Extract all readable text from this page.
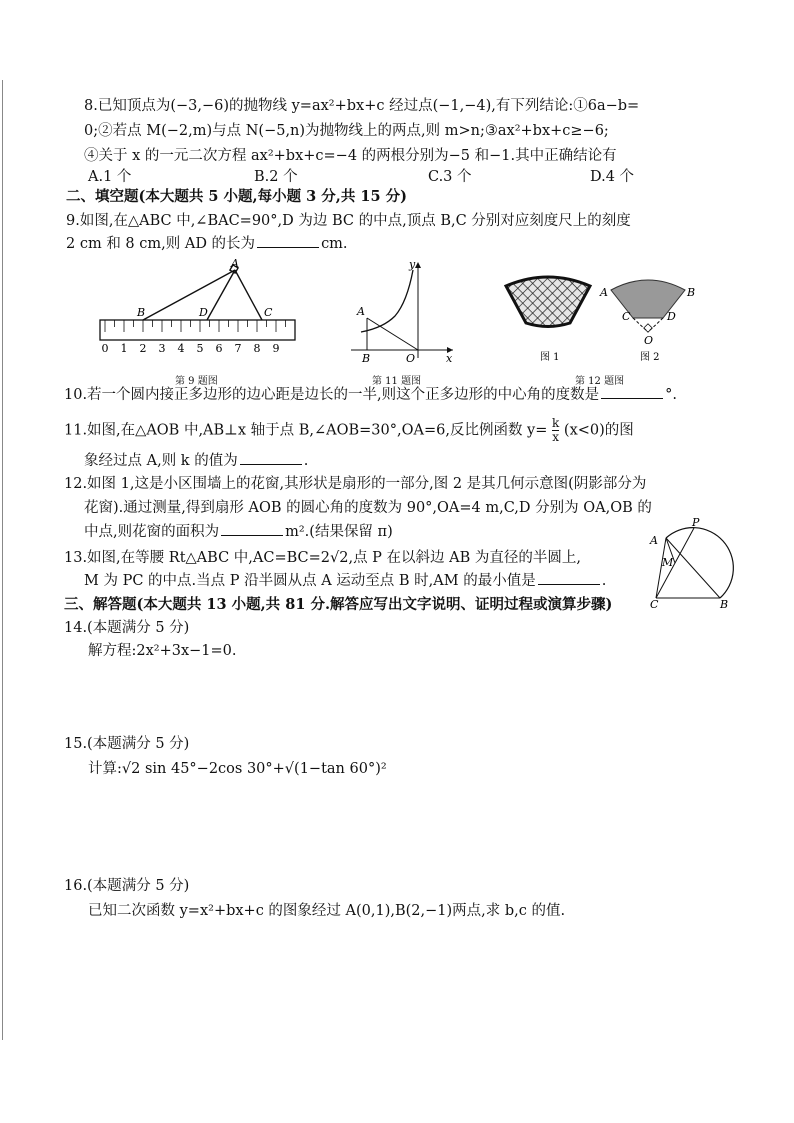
8.已知顶点为(−3,−6)的抛物线 y=ax²+bx+c 经过点(−1,−4),有下列结论:①6a−b=
0;②若点 M(−2,m)与点 N(−5,n)为抛物线上的两点,则 m>n;③ax²+bx+c≥−6;
④关于 x 的一元二次方程 ax²+bx+c=−4 的两根分别为−5 和−1.其中正确结论有
A.1 个	B.2 个	C.3 个	D.4 个
二、填空题(本大题共 5 小题,每小题 3 分,共 15 分)
9.如图,在△ABC 中,∠BAC=90°,D 为边 BC 的中点,顶点 B,C 分别对应刻度尺上的刻度
2 cm 和 8 cm,则 AD 的长为	cm.
0 1 2 3 4 5 6 7 8 9
A
B	D	C
第 9 题图
A
B	O	x
y
第 11 题图
A	B
C	D
O
图 1	图 2
第 12 题图
10.若一个圆内接正多边形的边心距是边长的一半,则这个正多边形的中心角的度数是	°.
11.如图,在△AOB 中,AB⊥x 轴于点 B,∠AOB=30°,OA=6,反比例函数 $y= \frac{k}{x} (x<0)$的图
象经过点 A,则 k 的值为	.
12.如图 1,这是小区围墙上的花窗,其形状是扇形的一部分,图 2 是其几何示意图(阴影部分为
花窗).通过测量,得到扇形 AOB 的圆心角的度数为 90°,OA=4 m,C,D 分别为 OA,OB 的
中点,则花窗的面积为	m².(结果保留 π)
13.如图,在等腰 Rt△ABC 中,AC=BC=2√2,点 P 在以斜边 AB 为直径的半圆上,
M 为 PC 的中点.当点 P 沿半圆从点 A 运动至点 B 时,AM 的最小值是	.
A
P
M
C	B
三、解答题(本大题共 13 小题,共 81 分.解答应写出文字说明、证明过程或演算步骤)
14.(本题满分 5 分)
解方程:2x²+3x−1=0.
15.(本题满分 5 分)
计算:√2 sin 45°−2cos 30°+√(1−tan 60°)²
16.(本题满分 5 分)
已知二次函数 y=x²+bx+c 的图象经过 A(0,1),B(2,−1)两点,求 b,c 的值.
